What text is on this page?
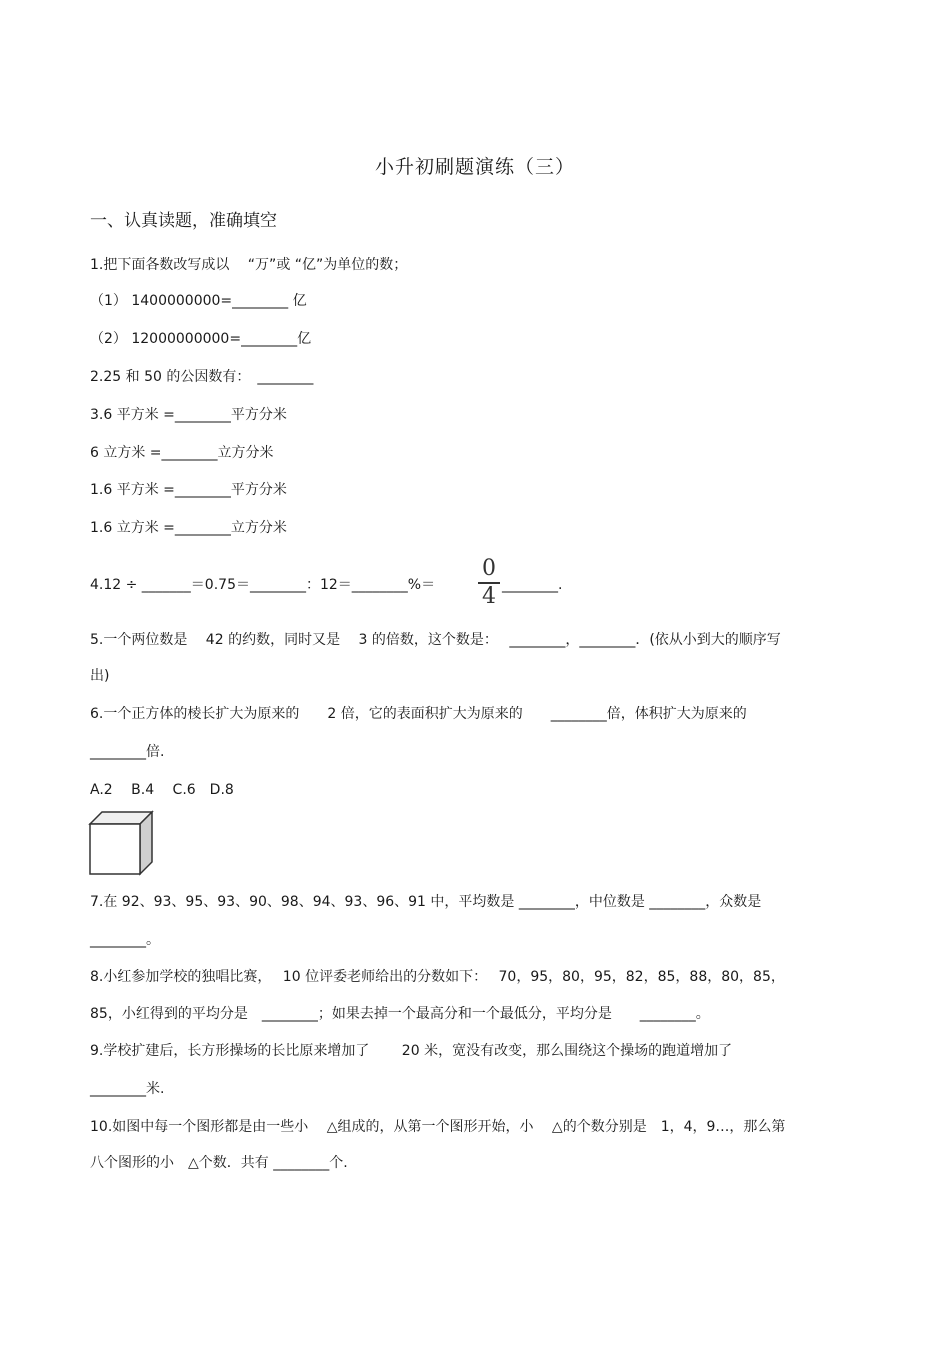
小升初刷题演练（三）
一、认真读题，准确填空
1.把下面各数改写成以　 “万”或 “亿”为单位的数；
（1） 1400000000=________ 亿
（2） 12000000000=________亿
2.25 和 50 的公因数有：　________
3.6 平方米 =________平方分米
6 立方米 =________立方分米
1.6 平方米 =________平方分米
1.6 立方米 =________立方分米
4.12 ÷ _______＝0.75＝________：12＝________%＝
0
4 ________.
5.一个两位数是　 42 的约数，同时又是　 3 的倍数，这个数是：　 ________，________．(依从小到大的顺序写
出)
6.一个正方体的棱长扩大为原来的　　2 倍，它的表面积扩大为原来的　　________倍，体积扩大为原来的
________倍.
A.2　 B.4　 C.6　D.8
7.在 92、93、95、93、90、98、94、93、96、91 中，平均数是 ________，中位数是 ________，众数是
________。
8.小红参加学校的独唱比赛，　 10 位评委老师给出的分数如下：　 70，95，80，95，82，85，88，80，85，
85，小红得到的平均分是　________；如果去掉一个最高分和一个最低分，平均分是　　________。
9.学校扩建后，长方形操场的长比原来增加了　　 20 米，宽没有改变，那么围绕这个操场的跑道增加了
________米.
10.如图中每一个图形都是由一些小　 △组成的，从第一个图形开始，小　 △的个数分别是　1，4，9…，那么第
八个图形的小　△个数．共有 ________个.
